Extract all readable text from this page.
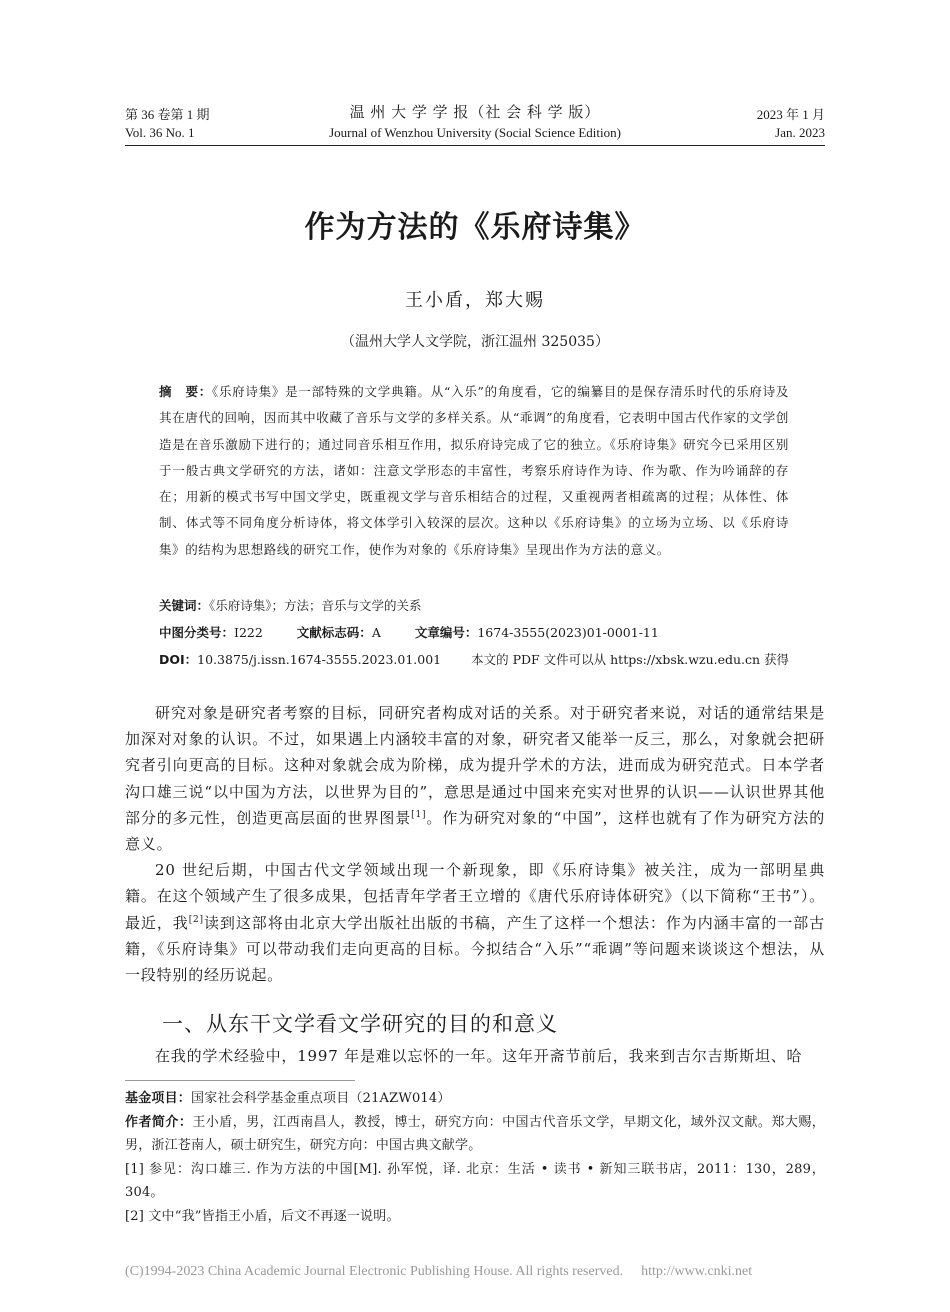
第 36 卷第 1 期
Vol. 36 No. 1
温 州 大 学 学 报（社 会 科 学 版）
Journal of Wenzhou University (Social Science Edition)
2023 年 1 月
Jan. 2023
作为方法的《乐府诗集》
王小盾，郑大赐
（温州大学人文学院，浙江温州 325035）

摘　要：《乐府诗集》是一部特殊的文学典籍。从“入乐”的角度看，它的编纂目的是保存清乐时代的乐府诗及其在唐代的回响，因而其中收藏了音乐与文学的多样关系。从“乖调”的角度看，它表明中国古代作家的文学创造是在音乐激励下进行的；通过同音乐相互作用，拟乐府诗完成了它的独立。《乐府诗集》研究今已采用区别于一般古典文学研究的方法，诸如：注意文学形态的丰富性，考察乐府诗作为诗、作为歌、作为吟诵辞的存在；用新的模式书写中国文学史，既重视文学与音乐相结合的过程，又重视两者相疏离的过程；从体性、体制、体式等不同角度分析诗体，将文体学引入较深的层次。这种以《乐府诗集》的立场为立场、以《乐府诗集》的结构为思想路线的研究工作，使作为对象的《乐府诗集》呈现出作为方法的意义。

关键词：《乐府诗集》；方法；音乐与文学的关系
中图分类号：I222	文献标志码：A	文章编号：1674-3555(2023)01-0001-11
DOI：10.3875/j.issn.1674-3555.2023.01.001 本文的 PDF 文件可以从 https://xbsk.wzu.edu.cn 获得

研究对象是研究者考察的目标，同研究者构成对话的关系。对于研究者来说，对话的通常结果是加深对对象的认识。不过，如果遇上内涵较丰富的对象，研究者又能举一反三，那么，对象就会把研究者引向更高的目标。这种对象就会成为阶梯，成为提升学术的方法，进而成为研究范式。日本学者沟口雄三说“以中国为方法，以世界为目的”，意思是通过中国来充实对世界的认识——认识世界其他部分的多元性，创造更高层面的世界图景[1]。作为研究对象的“中国”，这样也就有了作为研究方法的意义。

20 世纪后期，中国古代文学领域出现一个新现象，即《乐府诗集》被关注，成为一部明星典籍。在这个领域产生了很多成果，包括青年学者王立增的《唐代乐府诗体研究》（以下简称“王书”）。最近，我[2]读到这部将由北京大学出版社出版的书稿，产生了这样一个想法：作为内涵丰富的一部古籍，《乐府诗集》可以带动我们走向更高的目标。今拟结合“入乐”“乖调”等问题来谈谈这个想法，从一段特别的经历说起。

一、从东干文学看文学研究的目的和意义

在我的学术经验中，1997 年是难以忘怀的一年。这年开斋节前后，我来到吉尔吉斯斯坦、哈

基金项目：国家社会科学基金重点项目（21AZW014）
作者简介：王小盾，男，江西南昌人，教授，博士，研究方向：中国古代音乐文学，早期文化，域外汉文献。郑大赐，男，浙江苍南人，硕士研究生，研究方向：中国古典文献学。
[1] 参见：沟口雄三. 作为方法的中国[M]. 孙军悦，译. 北京：生活 • 读书 • 新知三联书店，2011：130，289，304。
[2] 文中“我”皆指王小盾，后文不再逐一说明。
(C)1994-2023 China Academic Journal Electronic Publishing House. All rights reserved. http://www.cnki.net
